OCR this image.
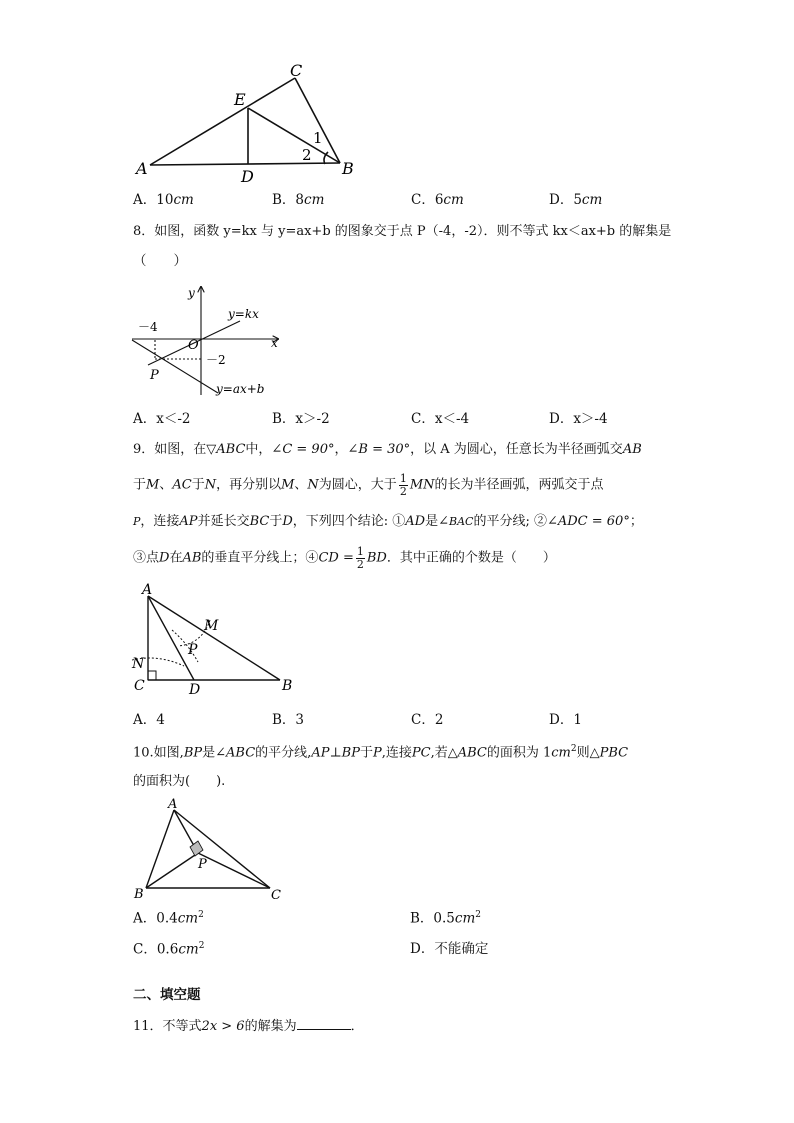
C
E
A	D	B
1
2
A．10cm	B．8cm	C．6cm	D．5cm
8．如图，函数 y=kx 与 y=ax+b 的图象交于点 P（-4，-2）．则不等式 kx＜ax+b 的解集是
（　　）
y
x
O
－4
－2
P
y=kx
y=ax+b
A．x＜-2	B．x＞-2	C．x＜-4	D．x＞-4
9．如图，在▽ABC中，∠C = 90°，∠B = 30°，以 A 为圆心，任意长为半径画弧交AB
于M、AC于N，再分别以M、N为圆心，大于 $\frac{1}{2}$ MN的长为半径画弧，两弧交于点
P，连接AP并延长交BC于D，下列四个结论: ①AD是∠BAC的平分线; ②∠ADC = 60°；
③点D在AB的垂直平分线上；④CD = $\frac{1}{2}$ BD．其中正确的个数是（　　）
A
M
P
N
C	D	B
A．4	B．3	C．2	D．1
10.如图,BP是∠ABC的平分线,AP⊥BP于P,连接PC,若△ABC的面积为 $1cm^2$则△PBC
的面积为(　　).
A
P
B	C
A．$0.4cm^2$	B．$0.5cm^2$
C．$0.6cm^2$	D．不能确定
二、填空题
11．不等式2x > 6的解集为	．
